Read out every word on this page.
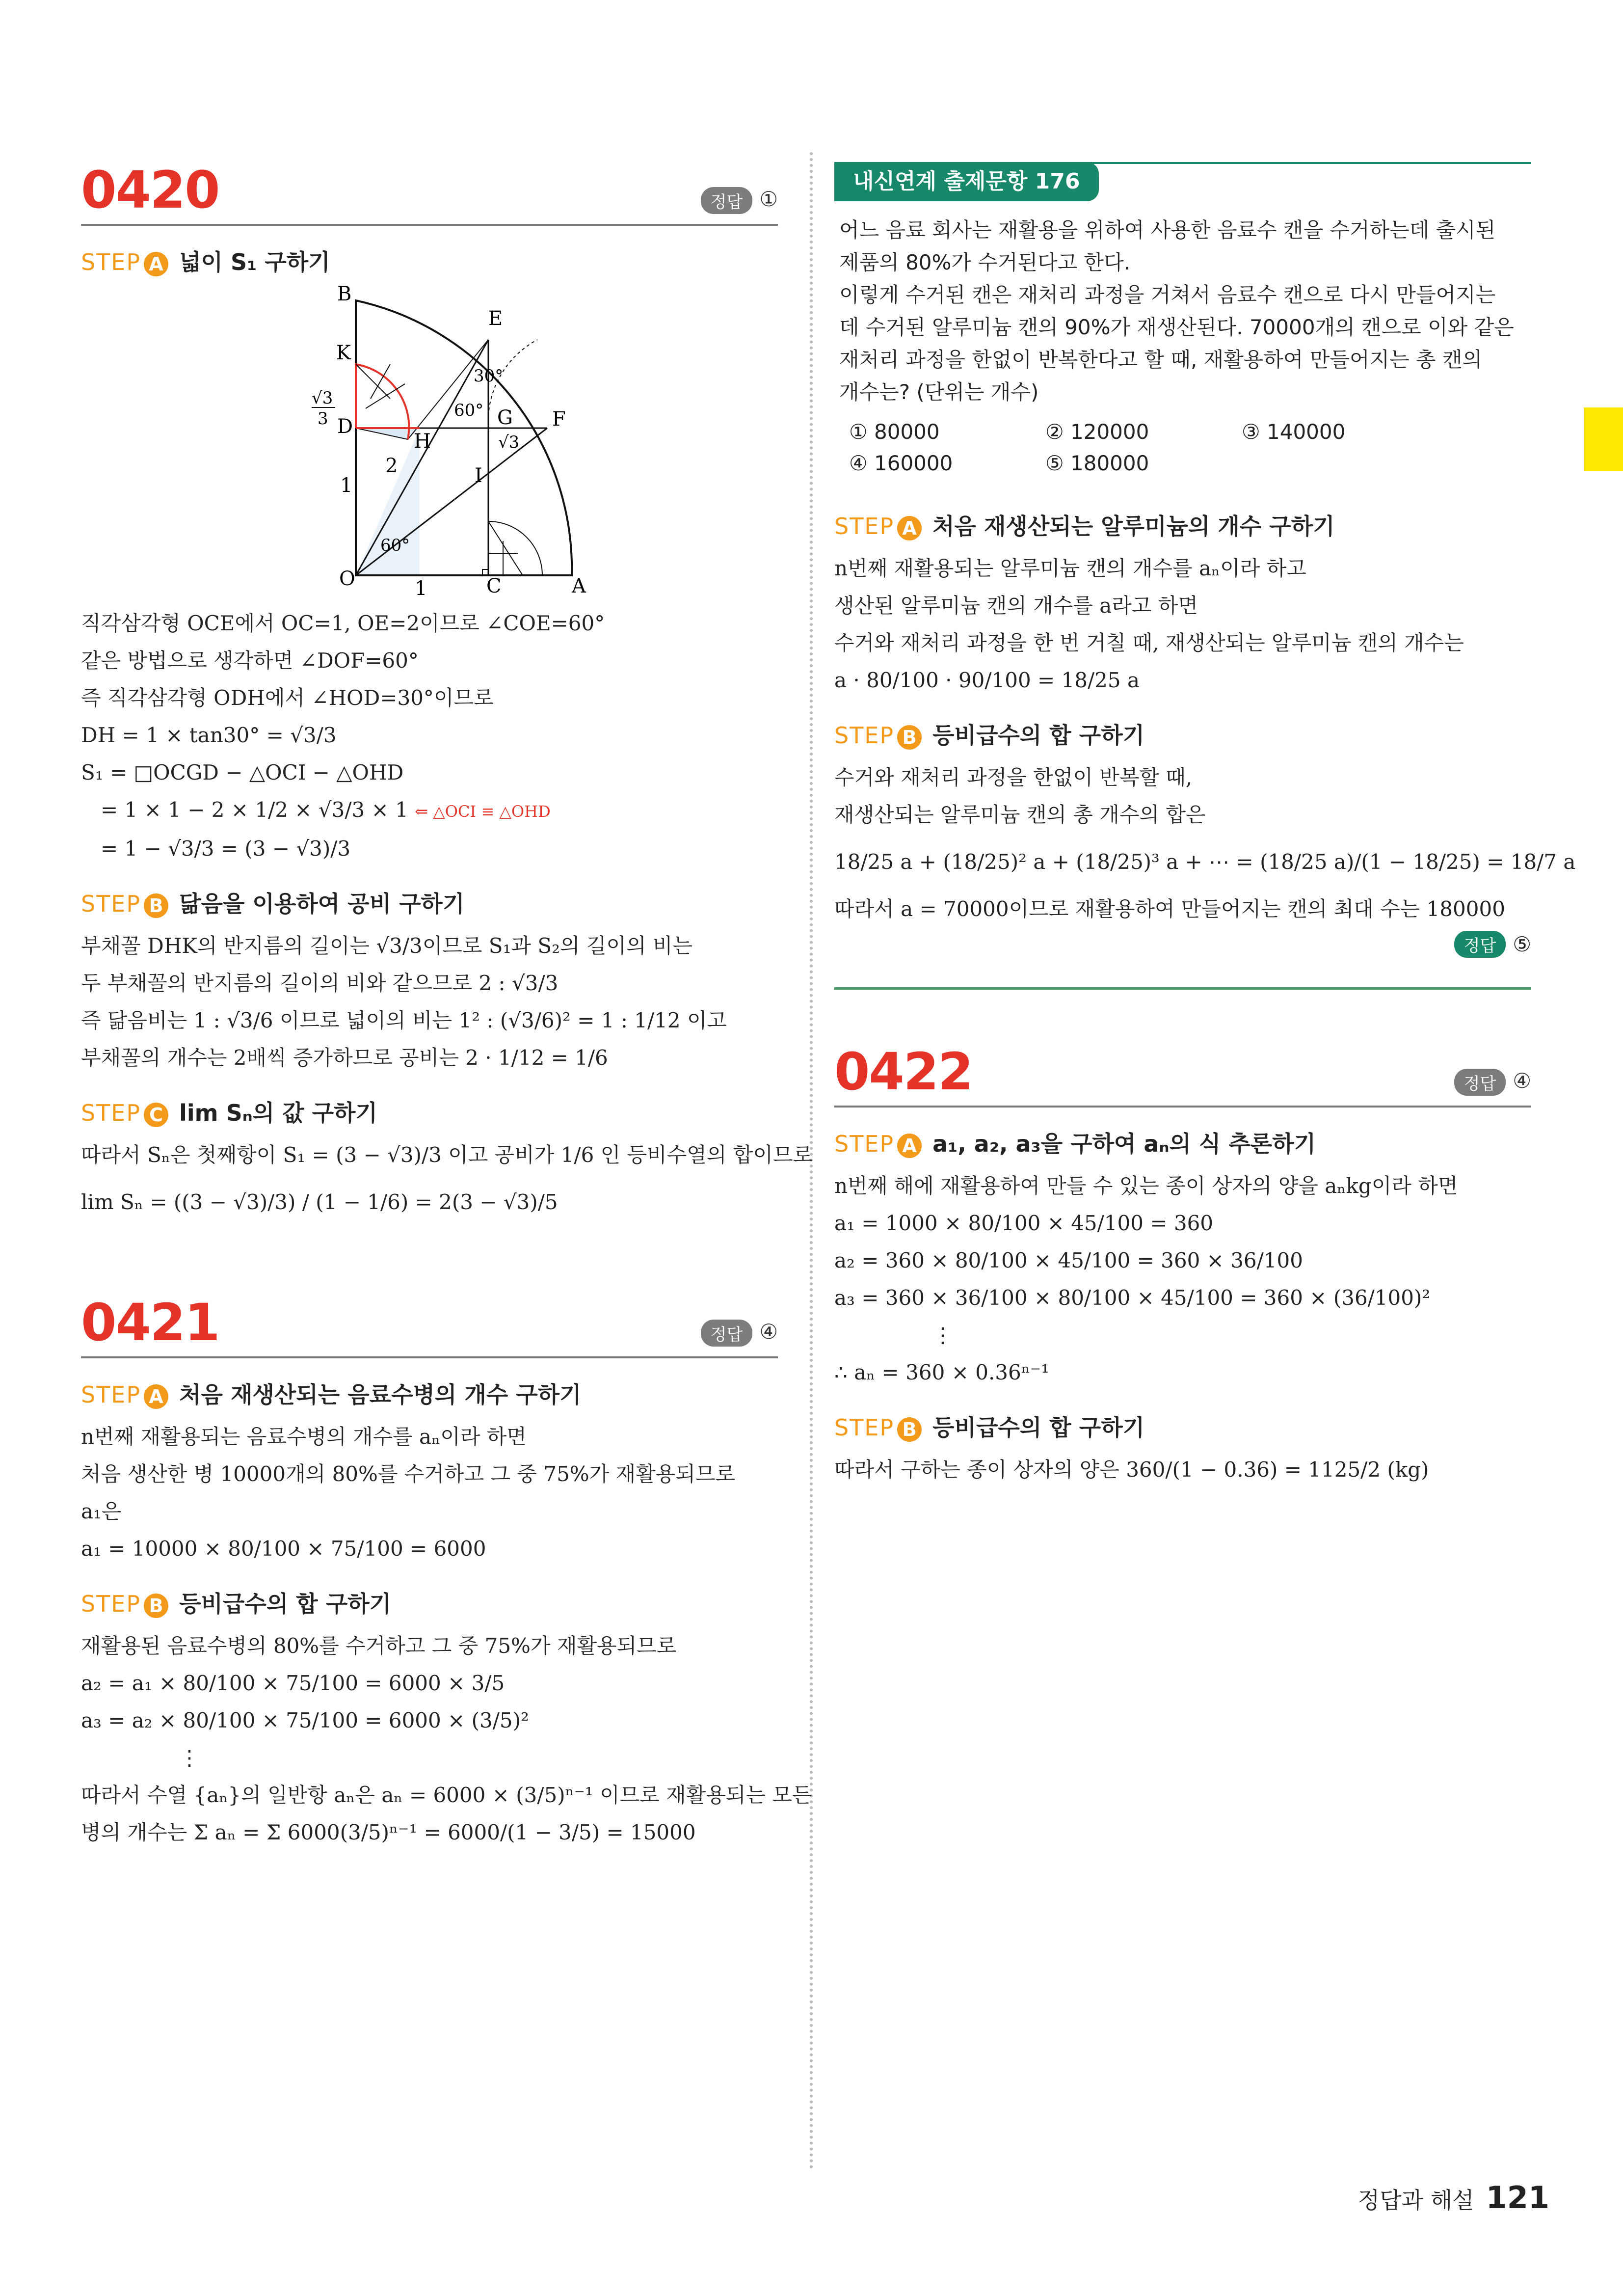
0420	정답 ①
STEP A 넓이 S₁ 구하기
B
K
√3
3 D
E
30°
60° G
H
F
2
√3
I
1
60°
O	1	C	A
직각삼각형 OCE에서 OC=1, OE=2이므로 ∠COE=60°
같은 방법으로 생각하면 ∠DOF=60°
즉 직각삼각형 ODH에서 ∠HOD=30°이므로
DH = 1 × tan30° = √3/3
S₁ = □OCGD − △OCI − △OHD
= 1 × 1 − 2 × 1/2 × √3/3 × 1 ⇐ △OCI ≡ △OHD
= 1 − √3/3 = (3 − √3)/3
STEP B 닮음을 이용하여 공비 구하기
부채꼴 DHK의 반지름의 길이는 √3/3이므로 S₁과 S₂의 길이의 비는
두 부채꼴의 반지름의 길이의 비와 같으므로 2 : √3/3
즉 닮음비는 1 : √3/6 이므로 넓이의 비는 1² : (√3/6)² = 1 : 1/12 이고
부채꼴의 개수는 2배씩 증가하므로 공비는 2 · 1/12 = 1/6
STEP C lim Sₙ의 값 구하기
따라서 Sₙ은 첫째항이 S₁ = (3 − √3)/3 이고 공비가 1/6 인 등비수열의 합이므로
lim Sₙ = ((3 − √3)/3) / (1 − 1/6) = 2(3 − √3)/5
0421	정답 ④
STEP A 처음 재생산되는 음료수병의 개수 구하기
n번째 재활용되는 음료수병의 개수를 aₙ이라 하면
처음 생산한 병 10000개의 80%를 수거하고 그 중 75%가 재활용되므로
a₁은
a₁ = 10000 × 80/100 × 75/100 = 6000
STEP B 등비급수의 합 구하기
재활용된 음료수병의 80%를 수거하고 그 중 75%가 재활용되므로
a₂ = a₁ × 80/100 × 75/100 = 6000 × 3/5
a₃ = a₂ × 80/100 × 75/100 = 6000 × (3/5)²
⋮
따라서 수열 {aₙ}의 일반항 aₙ은 aₙ = 6000 × (3/5)ⁿ⁻¹ 이므로 재활용되는 모든
병의 개수는 Σ aₙ = Σ 6000(3/5)ⁿ⁻¹ = 6000/(1 − 3/5) = 15000
내신연계 출제문항 176
어느 음료 회사는 재활용을 위하여 사용한 음료수 캔을 수거하는데 출시된
제품의 80%가 수거된다고 한다.
이렇게 수거된 캔은 재처리 과정을 거쳐서 음료수 캔으로 다시 만들어지는
데 수거된 알루미늄 캔의 90%가 재생산된다. 70000개의 캔으로 이와 같은
재처리 과정을 한없이 반복한다고 할 때, 재활용하여 만들어지는 총 캔의
개수는? (단위는 개수)
① 80000	② 120000	③ 140000
④ 160000	⑤ 180000
STEP A 처음 재생산되는 알루미늄의 개수 구하기
n번째 재활용되는 알루미늄 캔의 개수를 aₙ이라 하고
생산된 알루미늄 캔의 개수를 a라고 하면
수거와 재처리 과정을 한 번 거칠 때, 재생산되는 알루미늄 캔의 개수는
a · 80/100 · 90/100 = 18/25 a
STEP B 등비급수의 합 구하기
수거와 재처리 과정을 한없이 반복할 때,
재생산되는 알루미늄 캔의 총 개수의 합은
18/25 a + (18/25)² a + (18/25)³ a + ⋯ = (18/25 a)/(1 − 18/25) = 18/7 a
따라서 a = 70000이므로 재활용하여 만들어지는 캔의 최대 수는 180000
정답 ⑤
0422	정답 ④
STEP A a₁, a₂, a₃을 구하여 aₙ의 식 추론하기
n번째 해에 재활용하여 만들 수 있는 종이 상자의 양을 aₙkg이라 하면
a₁ = 1000 × 80/100 × 45/100 = 360
a₂ = 360 × 80/100 × 45/100 = 360 × 36/100
a₃ = 360 × 36/100 × 80/100 × 45/100 = 360 × (36/100)²
⋮
∴ aₙ = 360 × 0.36ⁿ⁻¹
STEP B 등비급수의 합 구하기
따라서 구하는 종이 상자의 양은 360/(1 − 0.36) = 1125/2 (kg)
정답과 해설 121
